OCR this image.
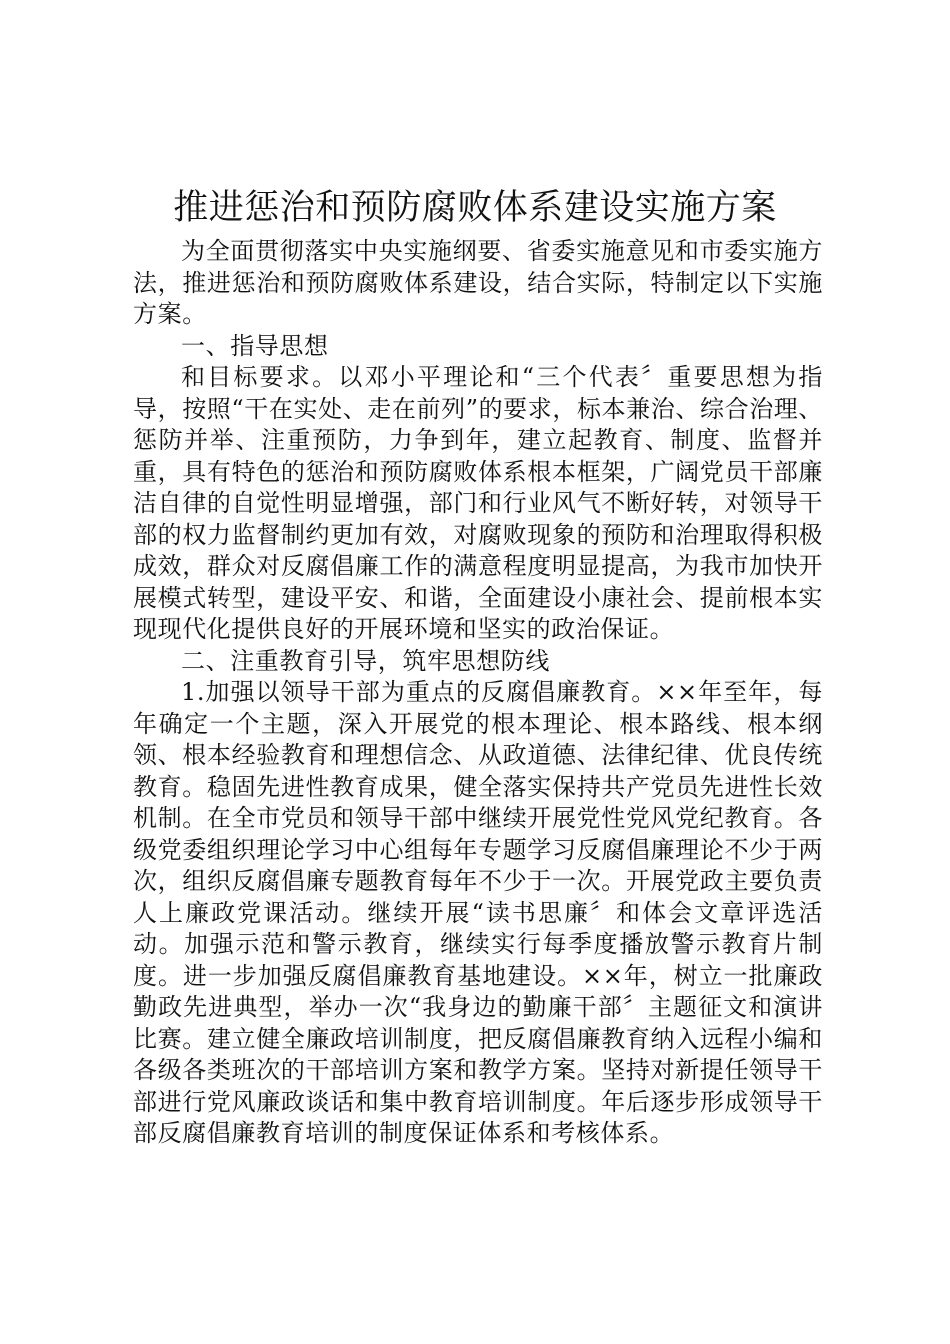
推进惩治和预防腐败体系建设实施方案

为全面贯彻落实中央实施纲要、省委实施意见和市委实施方法，推进惩治和预防腐败体系建设，结合实际，特制定以下实施方案。

一、指导思想

和目标要求。以邓小平理论和“三个代表〞重要思想为指导，按照“干在实处、走在前列”的要求，标本兼治、综合治理、惩防并举、注重预防，力争到年，建立起教育、制度、监督并重，具有特色的惩治和预防腐败体系根本框架，广阔党员干部廉洁自律的自觉性明显增强，部门和行业风气不断好转，对领导干部的权力监督制约更加有效，对腐败现象的预防和治理取得积极成效，群众对反腐倡廉工作的满意程度明显提高，为我市加快开展模式转型，建设平安、和谐，全面建设小康社会、提前根本实现现代化提供良好的开展环境和坚实的政治保证。

二、注重教育引导，筑牢思想防线

1.加强以领导干部为重点的反腐倡廉教育。××年至年，每年确定一个主题，深入开展党的根本理论、根本路线、根本纲领、根本经验教育和理想信念、从政道德、法律纪律、优良传统教育。稳固先进性教育成果，健全落实保持共产党员先进性长效机制。在全市党员和领导干部中继续开展党性党风党纪教育。各级党委组织理论学习中心组每年专题学习反腐倡廉理论不少于两次，组织反腐倡廉专题教育每年不少于一次。开展党政主要负责人上廉政党课活动。继续开展“读书思廉〞和体会文章评选活动。加强示范和警示教育，继续实行每季度播放警示教育片制度。进一步加强反腐倡廉教育基地建设。××年，树立一批廉政勤政先进典型，举办一次“我身边的勤廉干部〞主题征文和演讲比赛。建立健全廉政培训制度，把反腐倡廉教育纳入远程小编和各级各类班次的干部培训方案和教学方案。坚持对新提任领导干部进行党风廉政谈话和集中教育培训制度。年后逐步形成领导干部反腐倡廉教育培训的制度保证体系和考核体系。
